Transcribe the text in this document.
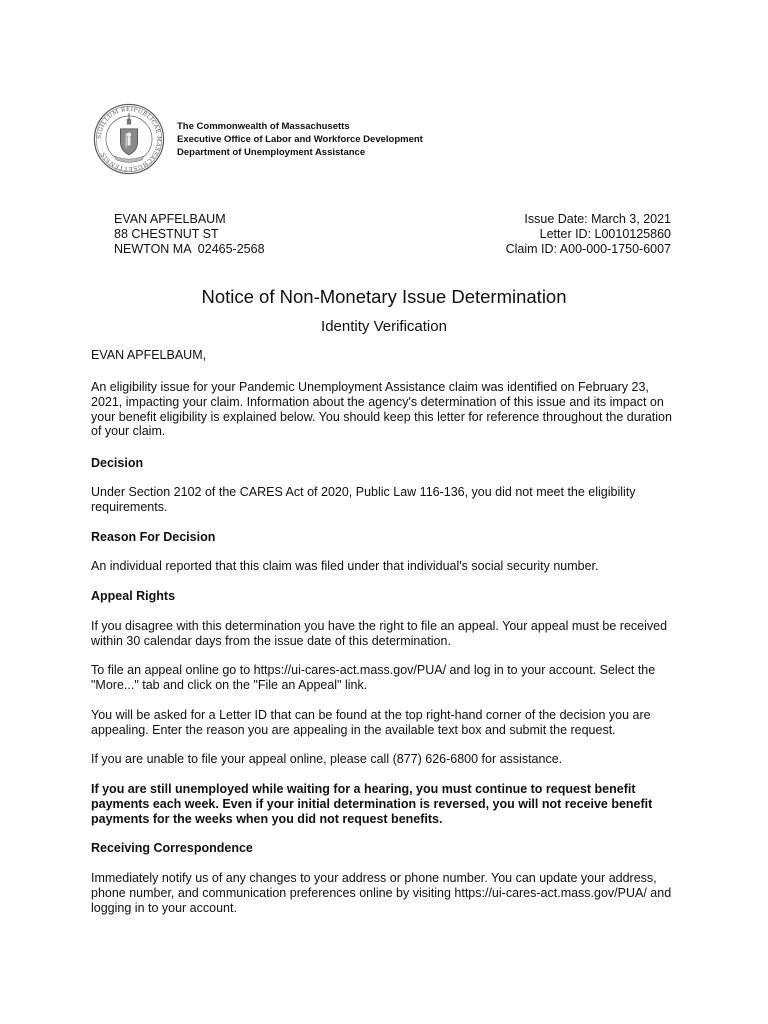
SIGILLUM REIPUBLICAE MASSACHUSETTENSIS
The Commonwealth of Massachusetts
Executive Office of Labor and Workforce Development
Department of Unemployment Assistance
EVAN APFELBAUM
88 CHESTNUT ST
NEWTON MA  02465-2568
Issue Date: March 3, 2021
Letter ID: L0010125860
Claim ID: A00-000-1750-6007
Notice of Non-Monetary Issue Determination
Identity Verification

EVAN APFELBAUM,

An eligibility issue for your Pandemic Unemployment Assistance claim was identified on February 23, 2021, impacting your claim. Information about the agency's determination of this issue and its impact on your benefit eligibility is explained below. You should keep this letter for reference throughout the duration of your claim.

Decision

Under Section 2102 of the CARES Act of 2020, Public Law 116-136, you did not meet the eligibility requirements.

Reason For Decision

An individual reported that this claim was filed under that individual's social security number.

Appeal Rights

If you disagree with this determination you have the right to file an appeal. Your appeal must be received within 30 calendar days from the issue date of this determination.

To file an appeal online go to https://ui-cares-act.mass.gov/PUA/ and log in to your account. Select the "More..." tab and click on the "File an Appeal" link.

You will be asked for a Letter ID that can be found at the top right-hand corner of the decision you are appealing. Enter the reason you are appealing in the available text box and submit the request.

If you are unable to file your appeal online, please call (877) 626-6800 for assistance.

If you are still unemployed while waiting for a hearing, you must continue to request benefit payments each week. Even if your initial determination is reversed, you will not receive benefit payments for the weeks when you did not request benefits.

Receiving Correspondence

Immediately notify us of any changes to your address or phone number. You can update your address, phone number, and communication preferences online by visiting https://ui-cares-act.mass.gov/PUA/ and logging in to your account.
